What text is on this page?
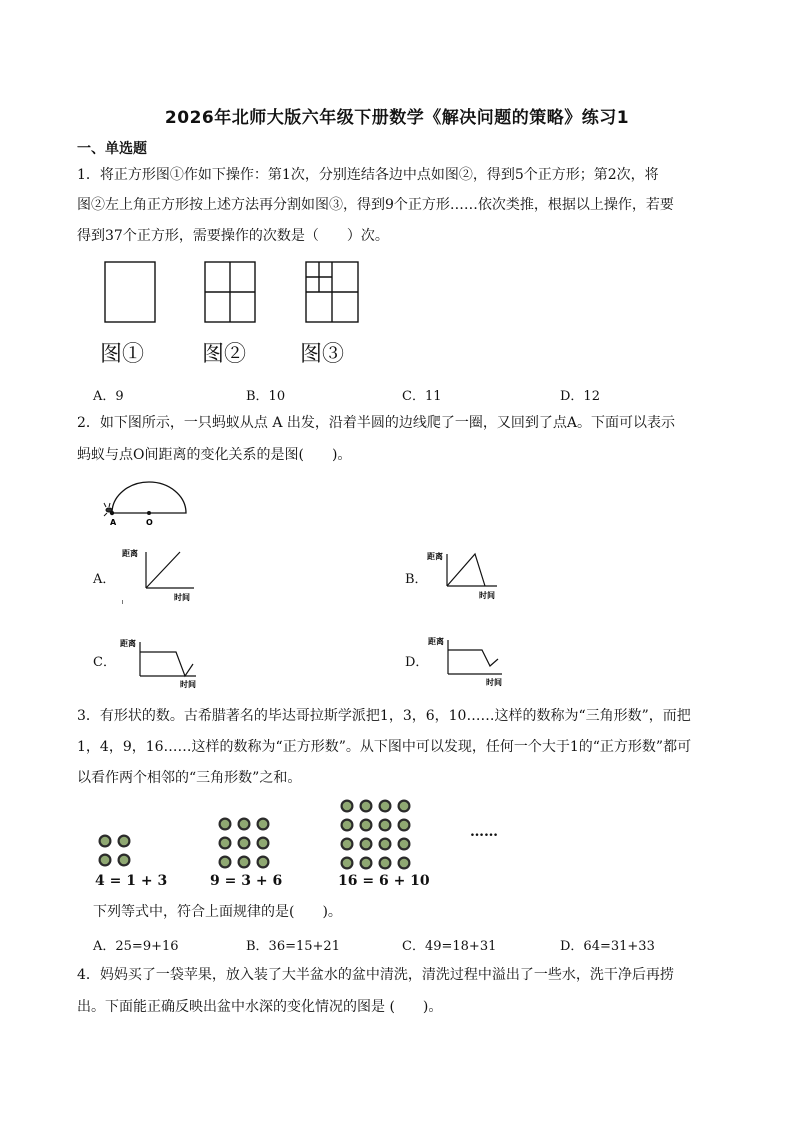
2026年北师大版六年级下册数学《解决问题的策略》练习1
一、单选题
1．将正方形图①作如下操作：第1次，分别连结各边中点如图②，得到5个正方形；第2次，将
图②左上角正方形按上述方法再分割如图③，得到9个正方形……依次类推，根据以上操作，若要
得到37个正方形，需要操作的次数是（　　）次。
图①	图② 图③
A．9	B．10	C．11	D．12
2．如下图所示，一只蚂蚁从点 A 出发，沿着半圆的边线爬了一圈，又回到了点A。下面可以表示
蚂蚁与点O间距离的变化关系的是图(　　)。
A	O
A．
距离
时间
B．
距离
时间
C．
距离
时间
D．
距离
时间
3．有形状的数。古希腊著名的毕达哥拉斯学派把1，3，6，10……这样的数称为“三角形数”，而把
1，4，9，16……这样的数称为“正方形数”。从下图中可以发现，任何一个大于1的“正方形数”都可
以看作两个相邻的“三角形数”之和。
……
4 = 1 + 3	9 = 3 + 6	16 = 6 + 10
下列等式中，符合上面规律的是(　　)。
A．25=9+16	B．36=15+21	C．49=18+31	D．64=31+33
4．妈妈买了一袋苹果，放入装了大半盆水的盆中清洗，清洗过程中溢出了一些水，洗干净后再捞
出。下面能正确反映出盆中水深的变化情况的图是 (　　)。
